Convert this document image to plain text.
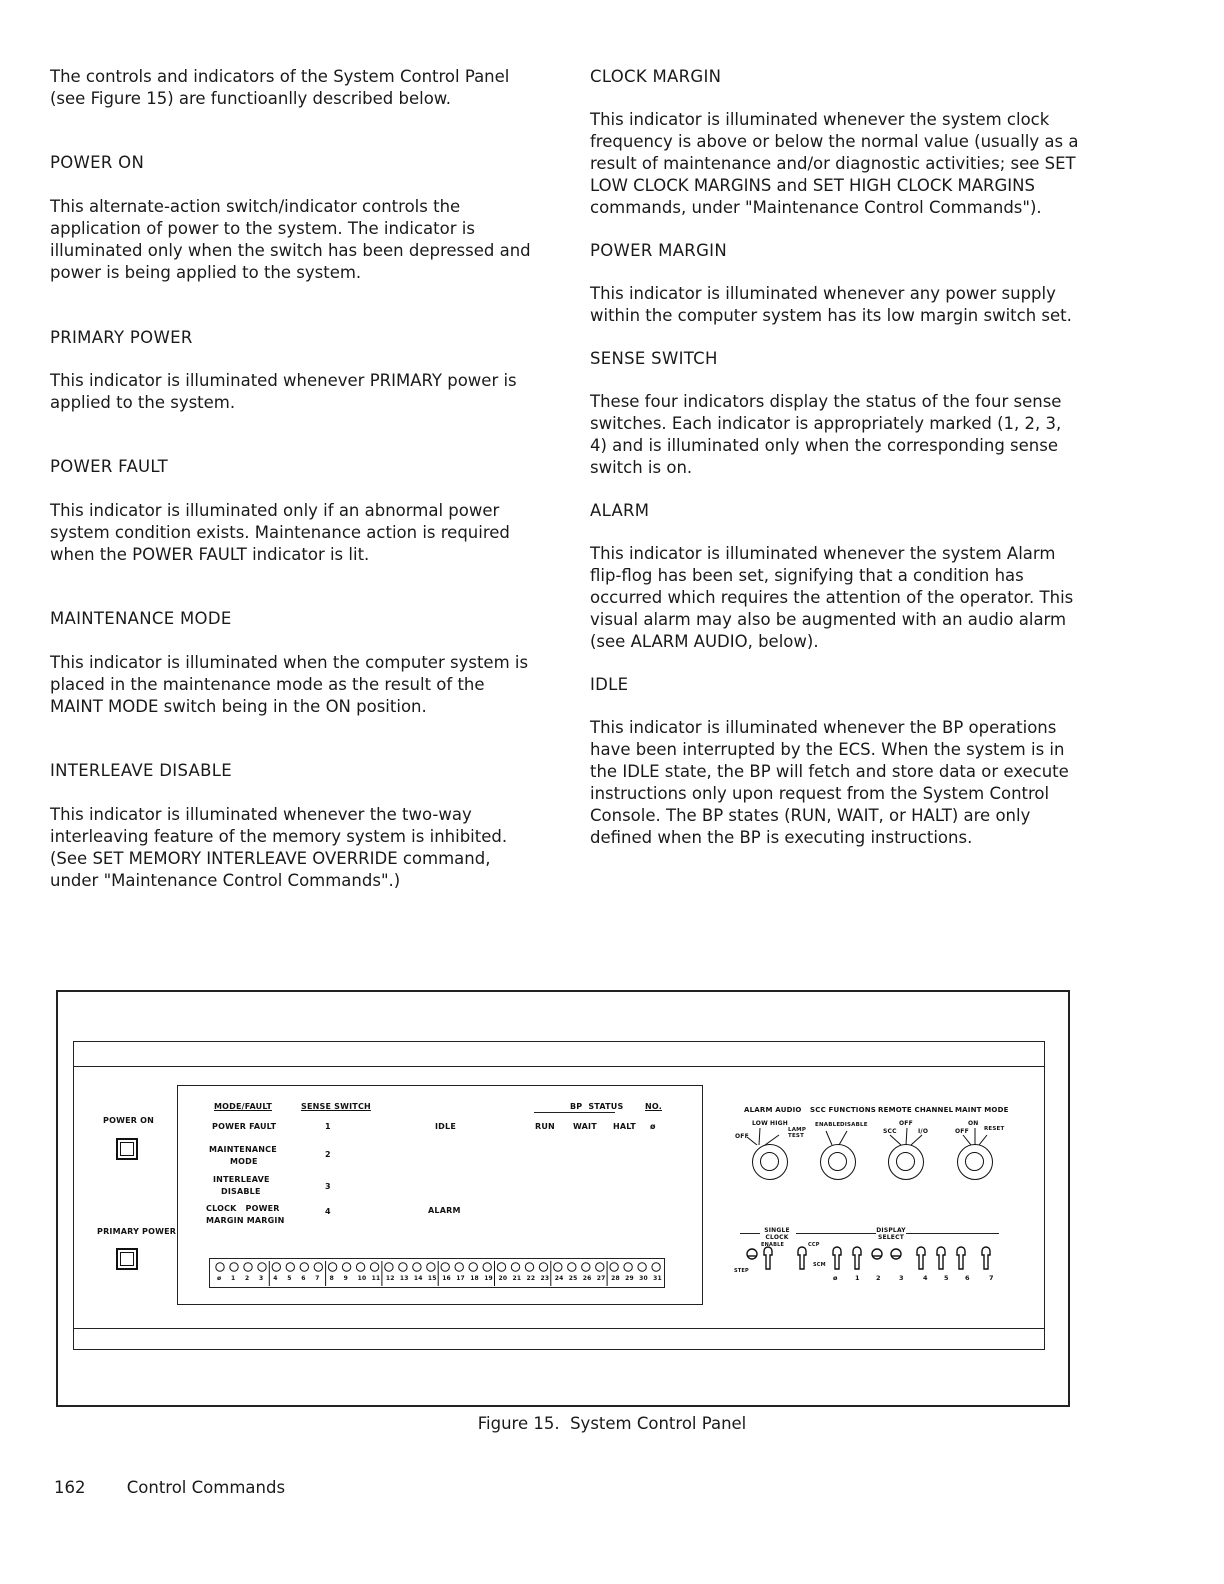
The controls and indicators of the System Control Panel (see Figure 15) are functioanlly described below.

POWER ON

This alternate-action switch/indicator controls the application of power to the system. The indicator is illuminated only when the switch has been depressed and power is being applied to the system.

PRIMARY POWER

This indicator is illuminated whenever PRIMARY power is applied to the system.

POWER FAULT

This indicator is illuminated only if an abnormal power system condition exists. Maintenance action is required when the POWER FAULT indicator is lit.

MAINTENANCE MODE

This indicator is illuminated when the computer system is placed in the maintenance mode as the result of the MAINT MODE switch being in the ON position.

INTERLEAVE DISABLE

This indicator is illuminated whenever the two-way interleaving feature of the memory system is inhibited. (See SET MEMORY INTERLEAVE OVERRIDE command, under "Maintenance Control Commands".)

CLOCK MARGIN

This indicator is illuminated whenever the system clock frequency is above or below the normal value (usually as a result of maintenance and/or diagnostic activities; see SET LOW CLOCK MARGINS and SET HIGH CLOCK MARGINS commands, under "Maintenance Control Commands").

POWER MARGIN

This indicator is illuminated whenever any power supply within the computer system has its low margin switch set.

SENSE SWITCH

These four indicators display the status of the four sense switches. Each indicator is appropriately marked (1, 2, 3, 4) and is illuminated only when the corresponding sense switch is on.

ALARM

This indicator is illuminated whenever the system Alarm flip-flog has been set, signifying that a condition has occurred which requires the attention of the operator. This visual alarm may also be augmented with an audio alarm (see ALARM AUDIO, below).

IDLE

This indicator is illuminated whenever the BP operations have been interrupted by the ECS. When the system is in the IDLE state, the BP will fetch and store data or execute instructions only upon request from the System Control Console. The BP states (RUN, WAIT, or HALT) are only defined when the BP is executing instructions.

POWER ON
PRIMARY POWER
MODE/FAULT	SENSE SWITCH
POWER FAULT
MAINTENANCE
MODE
INTERLEAVE
DISABLE
CLOCK   POWER
MARGIN MARGIN
1
2
3
4
IDLE
ALARM
BP  STATUS	NO.
RUN WAIT HALT ø
ø 1 2 3 4 5 6 7 8 9 10 11 12 13 14 15 16 17 18 19 20 21 22 23 24 25 26 27 28 29 30 31
ALARM AUDIO SCC FUNCTIONS REMOTE CHANNEL MAINT MODE
LOW HIGH
OFF
LAMP TEST
ENABLE DISABLE	OFF
SCC	I/O
ON
OFF	RESET
SINGLE CLOCK
DISPLAY SELECT
ENABLE	CCP
STEP
SCM
ø	1	2	3	4	5	6	7
Figure 15.  System Control Panel
162	Control Commands
